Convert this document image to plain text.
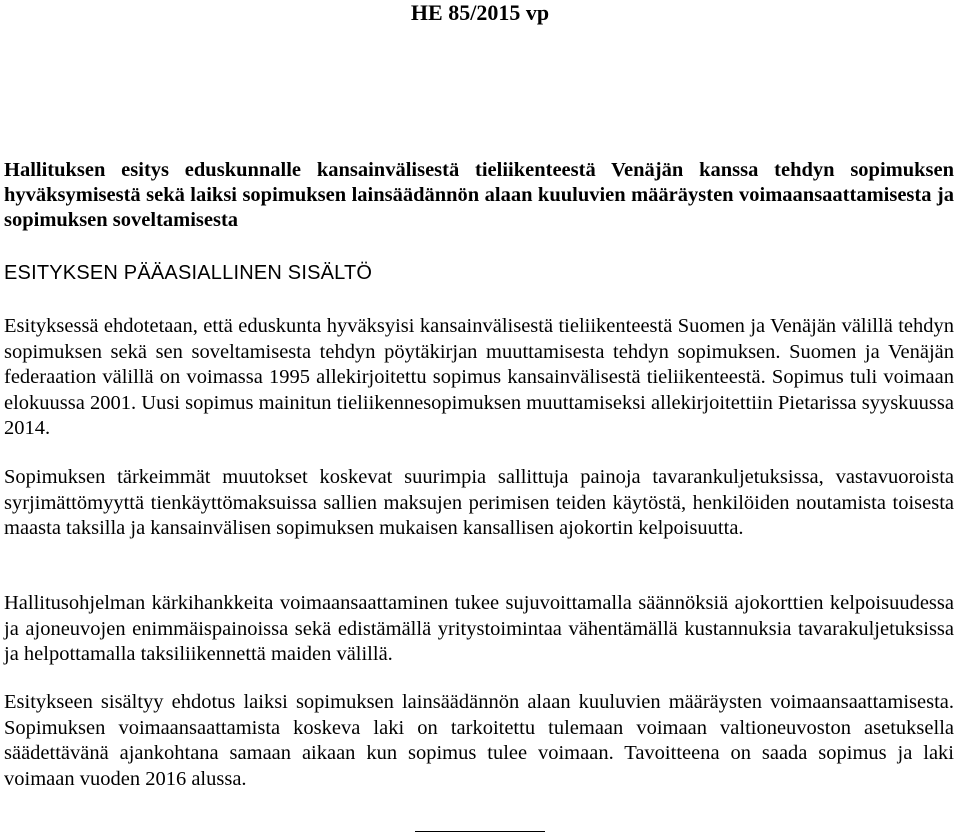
HE 85/2015 vp
Hallituksen esitys eduskunnalle kansainvälisestä tieliikenteestä Venäjän kanssa tehdyn sopimuksen hyväksymisestä sekä laiksi sopimuksen lainsäädännön alaan kuuluvien määräysten voimaansaattamisesta ja sopimuksen soveltamisesta
ESITYKSEN PÄÄASIALLINEN SISÄLTÖ

Esityksessä ehdotetaan, että eduskunta hyväksyisi kansainvälisestä tieliikenteestä Suomen ja Venäjän välillä tehdyn sopimuksen sekä sen soveltamisesta tehdyn pöytäkirjan muuttamisesta tehdyn sopimuksen. Suomen ja Venäjän federaation välillä on voimassa 1995 allekirjoitettu sopimus kansainvälisestä tieliikenteestä. Sopimus tuli voimaan elokuussa 2001. Uusi sopimus mainitun tieliikennesopimuksen muuttamiseksi allekirjoitettiin Pietarissa syyskuussa 2014.

Sopimuksen tärkeimmät muutokset koskevat suurimpia sallittuja painoja tavarankuljetuksissa, vastavuoroista syrjimättömyyttä tienkäyttömaksuissa sallien maksujen perimisen teiden käytöstä, henkilöiden noutamista toisesta maasta taksilla ja kansainvälisen sopimuksen mukaisen kansallisen ajokortin kelpoisuutta.

Hallitusohjelman kärkihankkeita voimaansaattaminen tukee sujuvoittamalla säännöksiä ajokorttien kelpoisuudessa ja ajoneuvojen enimmäispainoissa sekä edistämällä yritystoimintaa vähentämällä kustannuksia tavarakuljetuksissa ja helpottamalla taksiliikennettä maiden välillä.

Esitykseen sisältyy ehdotus laiksi sopimuksen lainsäädännön alaan kuuluvien määräysten voimaansaattamisesta. Sopimuksen voimaansaattamista koskeva laki on tarkoitettu tulemaan voimaan valtioneuvoston asetuksella säädettävänä ajankohtana samaan aikaan kun sopimus tulee voimaan. Tavoitteena on saada sopimus ja laki voimaan vuoden 2016 alussa.
